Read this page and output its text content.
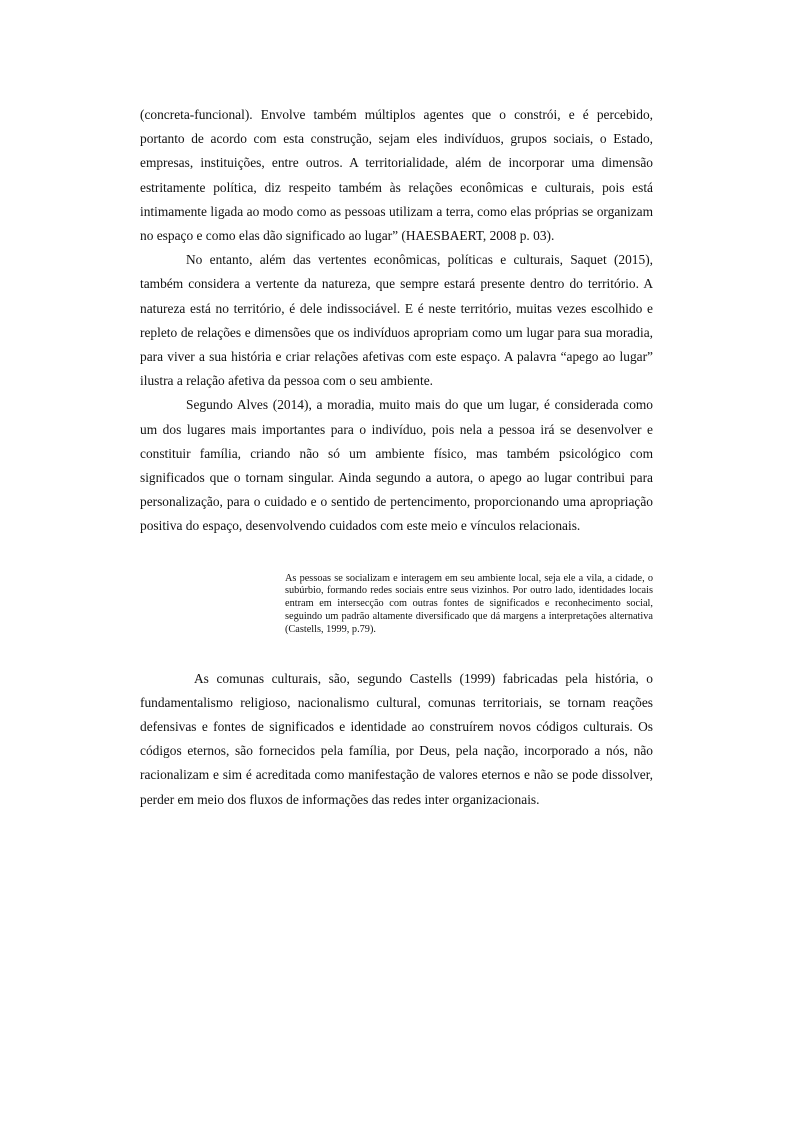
(concreta-funcional). Envolve também múltiplos agentes que o constrói, e é percebido, portanto de acordo com esta construção, sejam eles indivíduos, grupos sociais, o Estado, empresas, instituições, entre outros. A territorialidade, além de incorporar uma dimensão estritamente política, diz respeito também às relações econômicas e culturais, pois está intimamente ligada ao modo como as pessoas utilizam a terra, como elas próprias se organizam no espaço e como elas dão significado ao lugar” (HAESBAERT, 2008 p. 03).

No entanto, além das vertentes econômicas, políticas e culturais, Saquet (2015), também considera a vertente da natureza, que sempre estará presente dentro do território. A natureza está no território, é dele indissociável. E é neste território, muitas vezes escolhido e repleto de relações e dimensões que os indivíduos apropriam como um lugar para sua moradia, para viver a sua história e criar relações afetivas com este espaço. A palavra “apego ao lugar” ilustra a relação afetiva da pessoa com o seu ambiente.

Segundo Alves (2014), a moradia, muito mais do que um lugar, é considerada como um dos lugares mais importantes para o indivíduo, pois nela a pessoa irá se desenvolver e constituir família, criando não só um ambiente físico, mas também psicológico com significados que o tornam singular. Ainda segundo a autora, o apego ao lugar contribui para personalização, para o cuidado e o sentido de pertencimento, proporcionando uma apropriação positiva do espaço, desenvolvendo cuidados com este meio e vínculos relacionais.

As pessoas se socializam e interagem em seu ambiente local, seja ele a vila, a cidade, o subúrbio, formando redes sociais entre seus vizinhos. Por outro lado, identidades locais entram em intersecção com outras fontes de significados e reconhecimento social, seguindo um padrão altamente diversificado que dá margens a interpretações alternativa (Castells, 1999, p.79).

As comunas culturais, são, segundo Castells (1999) fabricadas pela história, o fundamentalismo religioso, nacionalismo cultural, comunas territoriais, se tornam reações defensivas e fontes de significados e identidade ao construírem novos códigos culturais. Os códigos eternos, são fornecidos pela família, por Deus, pela nação, incorporado a nós, não racionalizam e sim é acreditada como manifestação de valores eternos e não se pode dissolver, perder em meio dos fluxos de informações das redes inter organizacionais.
